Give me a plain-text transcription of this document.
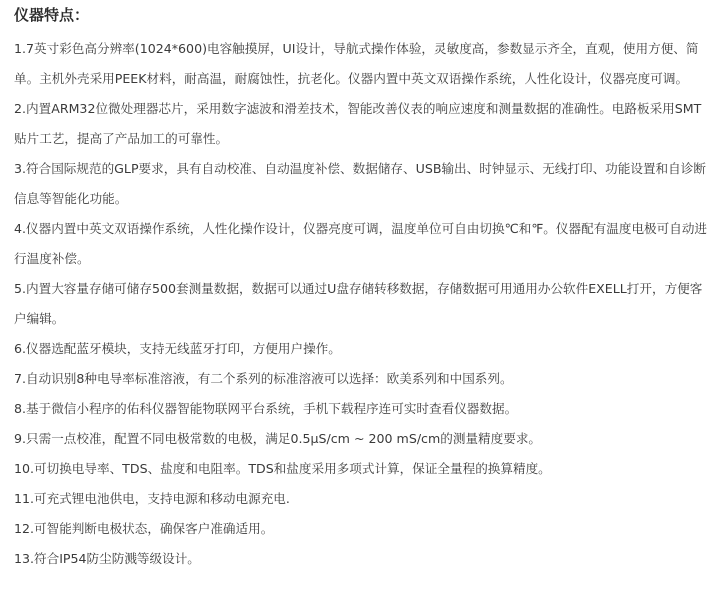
仪器特点：
1.7英寸彩色高分辨率(1024*600)电容触摸屏，UI设计，导航式操作体验，灵敏度高，参数显示齐全，直观，使用方便、简单。主机外壳采用PEEK材料，耐高温，耐腐蚀性，抗老化。仪器内置中英文双语操作系统，人性化设计，仪器亮度可调。
2.内置ARM32位微处理器芯片，采用数字滤波和滑差技术，智能改善仪表的响应速度和测量数据的准确性。电路板采用SMT贴片工艺，提高了产品加工的可靠性。
3.符合国际规范的GLP要求，具有自动校准、自动温度补偿、数据储存、USB输出、时钟显示、无线打印、功能设置和自诊断信息等智能化功能。
4.仪器内置中英文双语操作系统，人性化操作设计，仪器亮度可调，温度单位可自由切换℃和℉。仪器配有温度电极可自动进行温度补偿。
5.内置大容量存储可储存500套测量数据，数据可以通过U盘存储转移数据，存储数据可用通用办公软件EXELL打开，方便客户编辑。
6.仪器选配蓝牙模块，支持无线蓝牙打印，方便用户操作。
7.自动识别8种电导率标准溶液，有二个系列的标准溶液可以选择：欧美系列和中国系列。
8.基于微信小程序的佑科仪器智能物联网平台系统，手机下载程序连可实时查看仪器数据。
9.只需一点校准，配置不同电极常数的电极，满足0.5μS/cm ~ 200 mS/cm的测量精度要求。
10.可切换电导率、TDS、盐度和电阻率。TDS和盐度采用多项式计算，保证全量程的换算精度。
11.可充式锂电池供电，支持电源和移动电源充电.
12.可智能判断电极状态，确保客户准确适用。
13.符合IP54防尘防溅等级设计。
